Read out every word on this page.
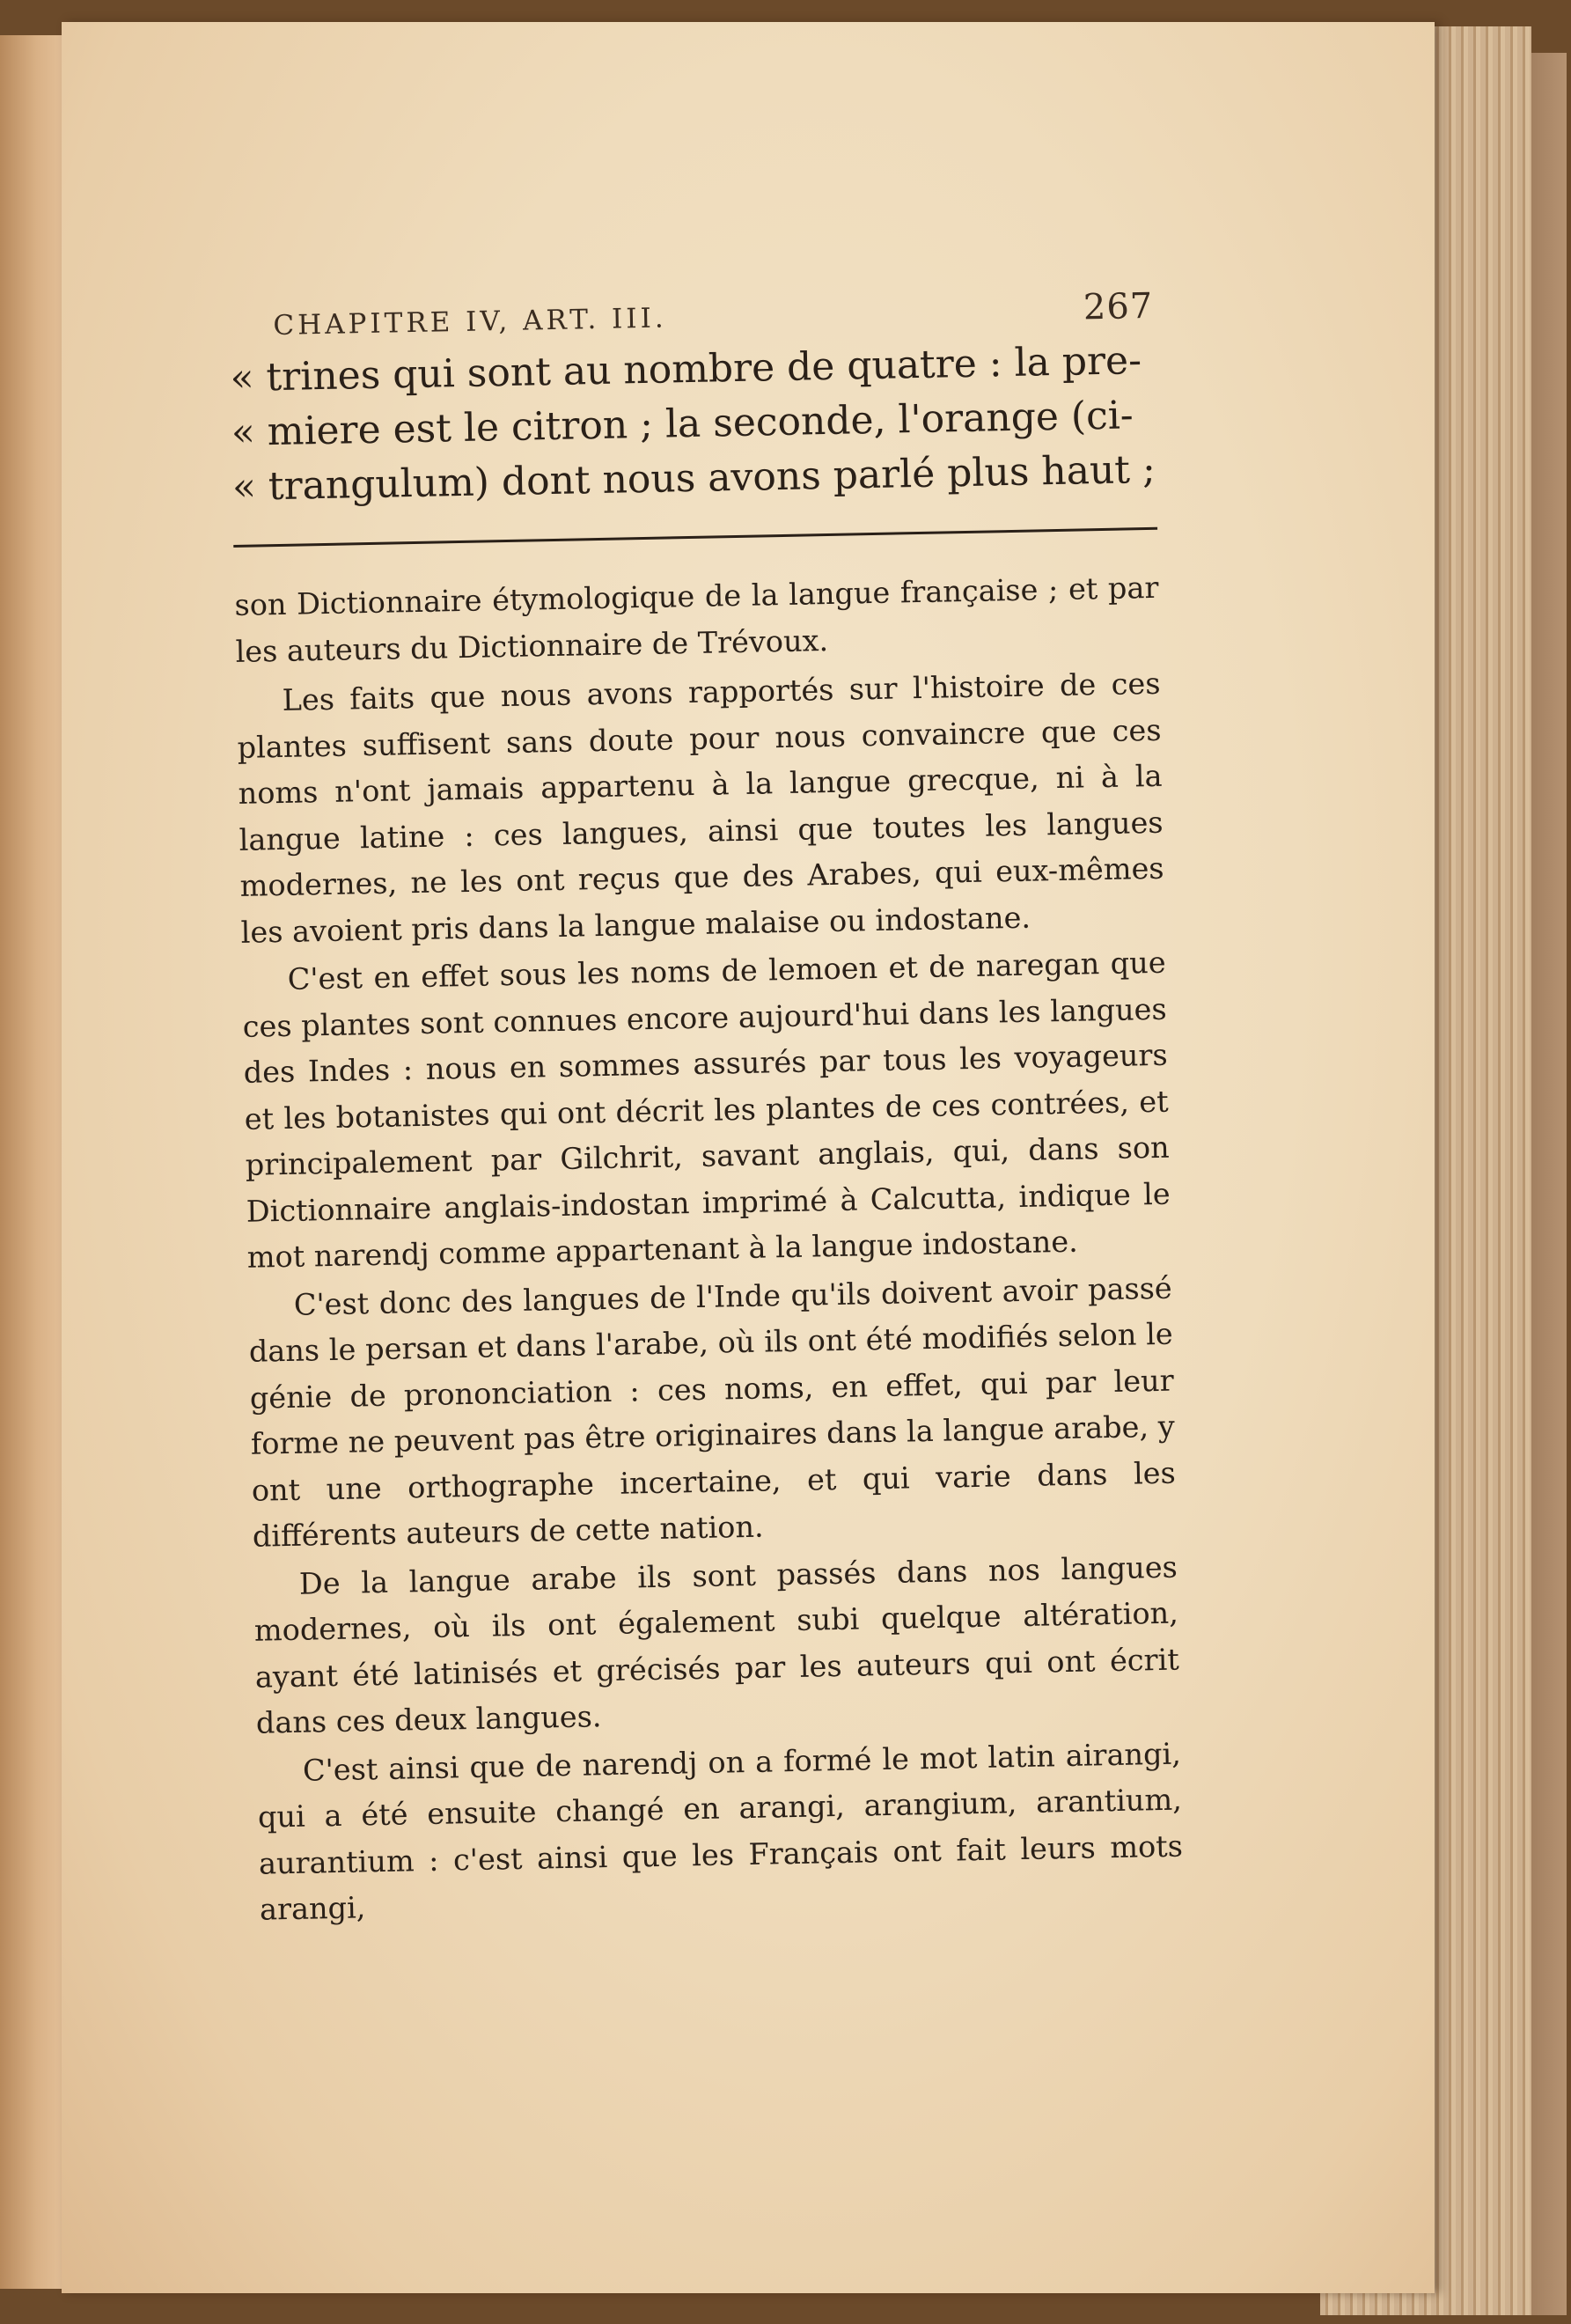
CHAPITRE IV, ART. III.	267
« trines qui sont au nombre de quatre : la pre-
« miere est le citron ; la seconde, l'orange (ci-
« trangulum) dont nous avons parlé plus haut ;

son Dictionnaire étymologique de la langue française ; et par les auteurs du Dictionnaire de Trévoux.

Les faits que nous avons rapportés sur l'histoire de ces plantes suffisent sans doute pour nous convaincre que ces noms n'ont jamais appartenu à la langue grecque, ni à la langue latine : ces langues, ainsi que toutes les langues modernes, ne les ont reçus que des Arabes, qui eux-mêmes les avoient pris dans la langue malaise ou indostane.

C'est en effet sous les noms de lemoen et de naregan que ces plantes sont connues encore aujourd'hui dans les langues des Indes : nous en sommes assurés par tous les voyageurs et les botanistes qui ont décrit les plantes de ces contrées, et principalement par Gilchrit, savant anglais, qui, dans son Dictionnaire anglais-indostan imprimé à Calcutta, indique le mot narendj comme appartenant à la langue indostane.

C'est donc des langues de l'Inde qu'ils doivent avoir passé dans le persan et dans l'arabe, où ils ont été modifiés selon le génie de prononciation : ces noms, en effet, qui par leur forme ne peuvent pas être originaires dans la langue arabe, y ont une orthographe incertaine, et qui varie dans les différents auteurs de cette nation.

De la langue arabe ils sont passés dans nos langues modernes, où ils ont également subi quelque altération, ayant été latinisés et grécisés par les auteurs qui ont écrit dans ces deux langues.

C'est ainsi que de narendj on a formé le mot latin airangi, qui a été ensuite changé en arangi, arangium, arantium, aurantium : c'est ainsi que les Français ont fait leurs mots arangi,
